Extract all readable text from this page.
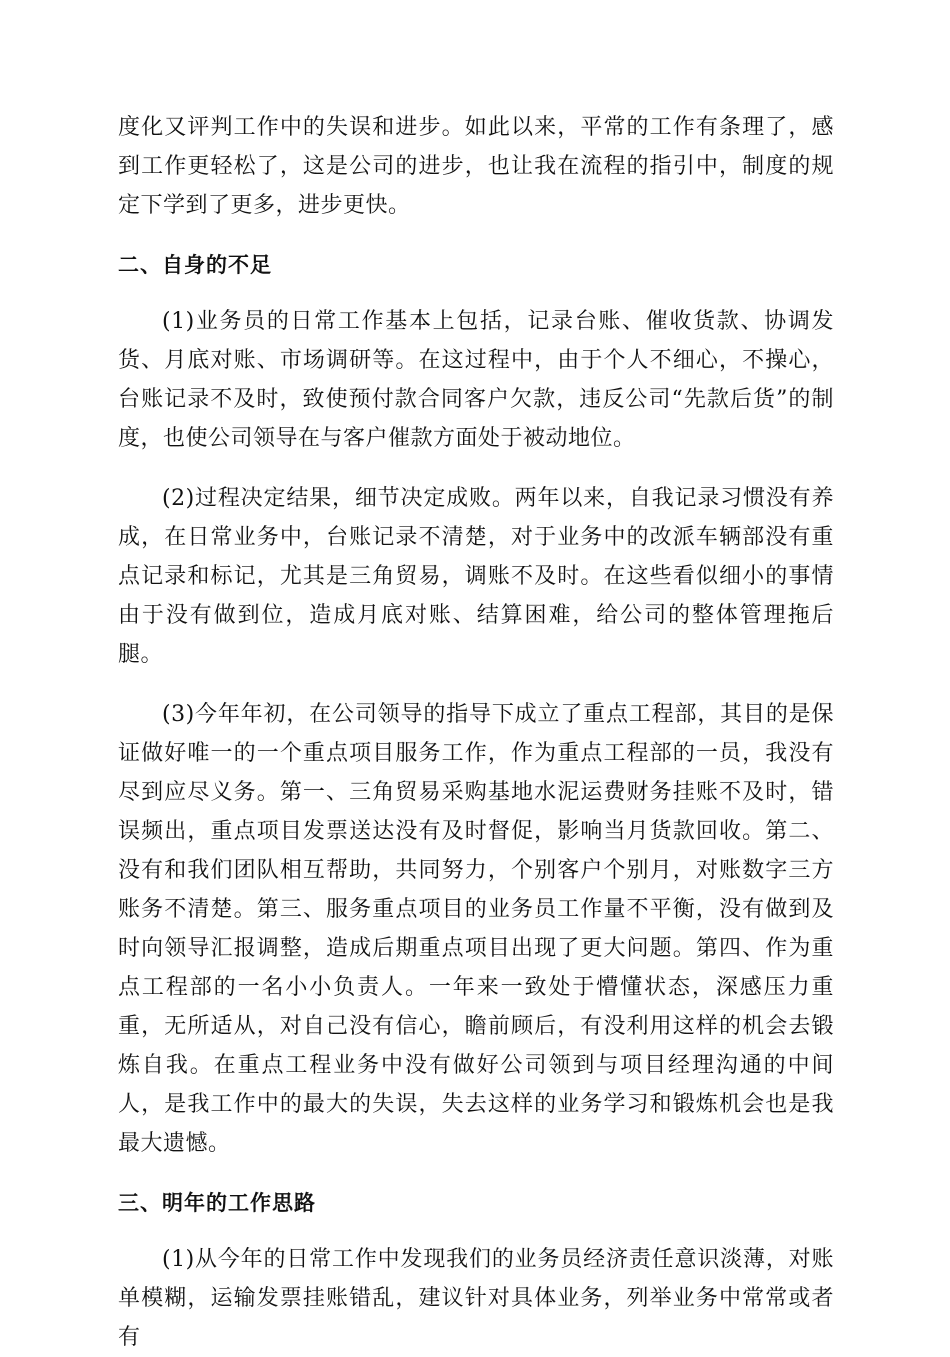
度化又评判工作中的失误和进步。如此以来，平常的工作有条理了，感到工作更轻松了，这是公司的进步，也让我在流程的指引中，制度的规定下学到了更多，进步更快。

二、自身的不足

(1)业务员的日常工作基本上包括，记录台账、催收货款、协调发货、月底对账、市场调研等。在这过程中，由于个人不细心，不操心，台账记录不及时，致使预付款合同客户欠款，违反公司“先款后货”的制度，也使公司领导在与客户催款方面处于被动地位。

(2)过程决定结果，细节决定成败。两年以来，自我记录习惯没有养成，在日常业务中，台账记录不清楚，对于业务中的改派车辆部没有重点记录和标记，尤其是三角贸易，调账不及时。在这些看似细小的事情由于没有做到位，造成月底对账、结算困难，给公司的整体管理拖后腿。

(3)今年年初，在公司领导的指导下成立了重点工程部，其目的是保证做好唯一的一个重点项目服务工作，作为重点工程部的一员，我没有尽到应尽义务。第一、三角贸易采购基地水泥运费财务挂账不及时，错误频出，重点项目发票送达没有及时督促，影响当月货款回收。第二、没有和我们团队相互帮助，共同努力，个别客户个别月，对账数字三方账务不清楚。第三、服务重点项目的业务员工作量不平衡，没有做到及时向领导汇报调整，造成后期重点项目出现了更大问题。第四、作为重点工程部的一名小小负责人。一年来一致处于懵懂状态，深感压力重重，无所适从，对自己没有信心，瞻前顾后，有没利用这样的机会去锻炼自我。在重点工程业务中没有做好公司领到与项目经理沟通的中间人，是我工作中的最大的失误，失去这样的业务学习和锻炼机会也是我最大遗憾。

三、明年的工作思路

(1)从今年的日常工作中发现我们的业务员经济责任意识淡薄，对账单模糊，运输发票挂账错乱，建议针对具体业务，列举业务中常常或者有
